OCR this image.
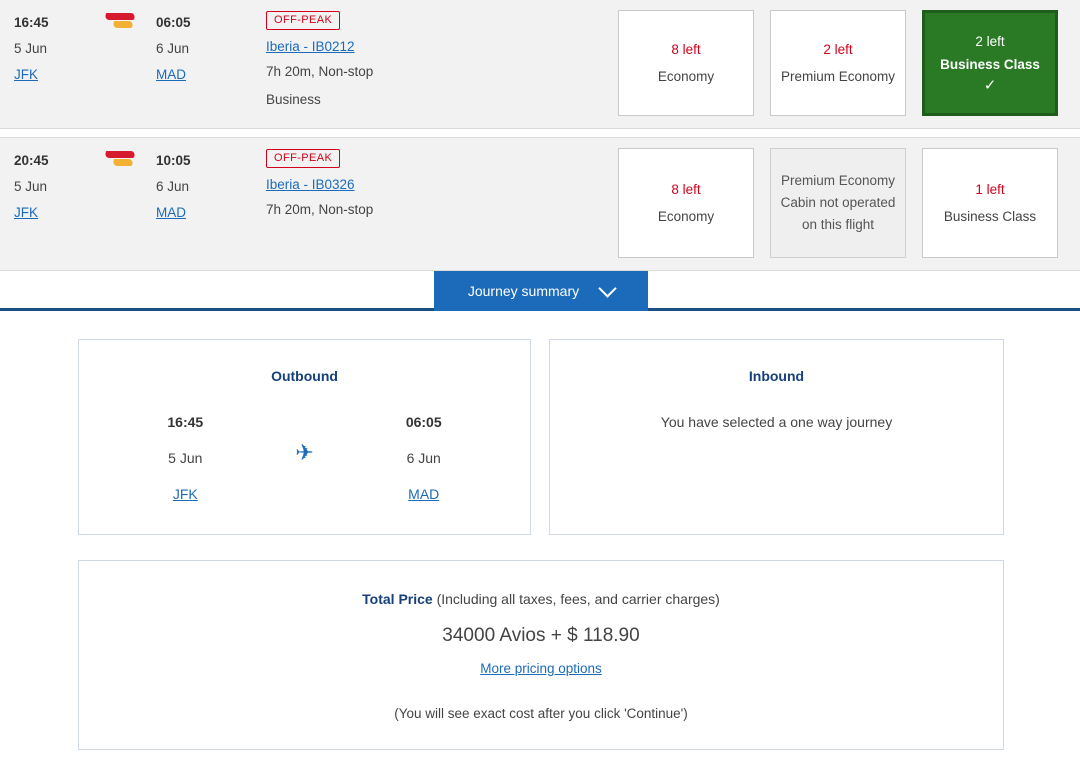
16:45
5 Jun
JFK
06:05
6 Jun
MAD
OFF-PEAK
Iberia - IB0212
7h 20m, Non-stop
Business
8 left
Economy
2 left
Premium Economy
2 left
Business Class
✓
20:45
5 Jun
JFK
10:05
6 Jun
MAD
OFF-PEAK
Iberia - IB0326
7h 20m, Non-stop
8 left
Economy
Premium Economy
Cabin not operated
on this flight
1 left
Business Class
Journey summary
Outbound
16:45
5 Jun
JFK
✈
06:05
6 Jun
MAD
Inbound
You have selected a one way journey
Total Price (Including all taxes, fees, and carrier charges)
34000 Avios + $ 118.90
More pricing options
(You will see exact cost after you click 'Continue')
